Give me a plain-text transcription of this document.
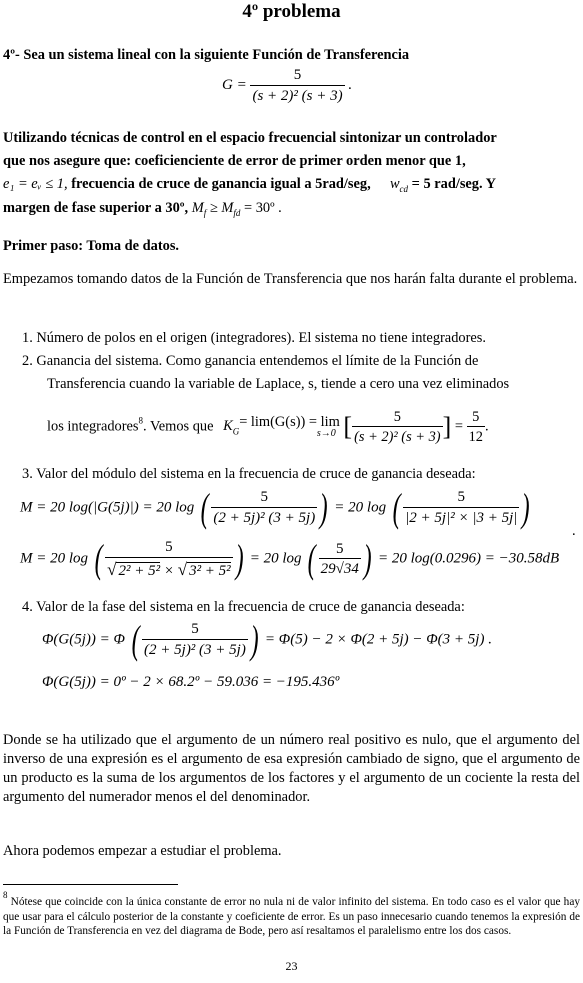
4º problema
4º- Sea un sistema lineal con la siguiente Función de Transferencia
$G = \frac{5}{\text{(s + 2)² (s + 3)}}$ .
Utilizando técnicas de control en el espacio frecuencial sintonizar un controlador
que nos asegure que: coeficienciente de error de primer orden menor que 1,
e₁ = eᵥ ≤ 1, frecuencia de cruce de ganancia igual a 5rad/seg, $w_{cd} = 5$ rad/seg. Y
margen de fase superior a 30º, $M_f \ge M_{fd}$ = 30º .
Primer paso: Toma de datos.
Empezamos tomando datos de la Función de Transferencia que nos harán falta durante el problema.
1. Número de polos en el origen (integradores). El sistema no tiene integradores.
2. Ganancia del sistema. Como ganancia entendemos el límite de la Función de
Transferencia cuando la variable de Laplace, s, tiende a cero una vez eliminados
los integradores$^8$. Vemos que $K_G$
= lim(G(s)) = lim
s→0 [ $\frac{5}{\text{(s + 2)² (s + 3)}}$ ] = $\frac{5}{12}$ .
3. Valor del módulo del sistema en la frecuencia de cruce de ganancia deseada:
M = 20 log(|G(5j)|) = 20 log ( $\frac{5}{\text{(2 + 5j)² (3 + 5j)}}$ ) = 20 log ( $\frac{5}{\text{|2 + 5j|² × |3 + 5j|}}$ )
.
M = 20 log ( $\frac{5}{\text{√ 2² + 5² × √ 3² + 5²}}$ ) = 20 log ( $\frac{5}{29√34}$ ) = 20 log(0.0296) = −30.58dB
4. Valor de la fase del sistema en la frecuencia de cruce de ganancia deseada:
Φ(G(5j)) = Φ ( $\frac{5}{\text{(2 + 5j)² (3 + 5j)}}$ ) = Φ(5) − 2 × Φ(2 + 5j) − Φ(3 + 5j) .
Φ(G(5j)) = 0º − 2 × 68.2º − 59.036 = −195.436º
Donde se ha utilizado que el argumento de un número real positivo es nulo, que el argumento del inverso de una expresión es el argumento de esa expresión cambiado de signo, que el argumento de un producto es la suma de los argumentos de los factores y el argumento de un cociente la resta del argumento del numerador menos el del denominador.
Ahora podemos empezar a estudiar el problema.
$^8$ Nótese que coincide con la única constante de error no nula ni de valor infinito del sistema. En todo caso es el valor que hay que usar para el cálculo posterior de la constante y coeficiente de error. Es un paso innecesario cuando tenemos la expresión de la Función de Transferencia en vez del diagrama de Bode, pero así resaltamos el paralelismo entre los dos casos.
23
